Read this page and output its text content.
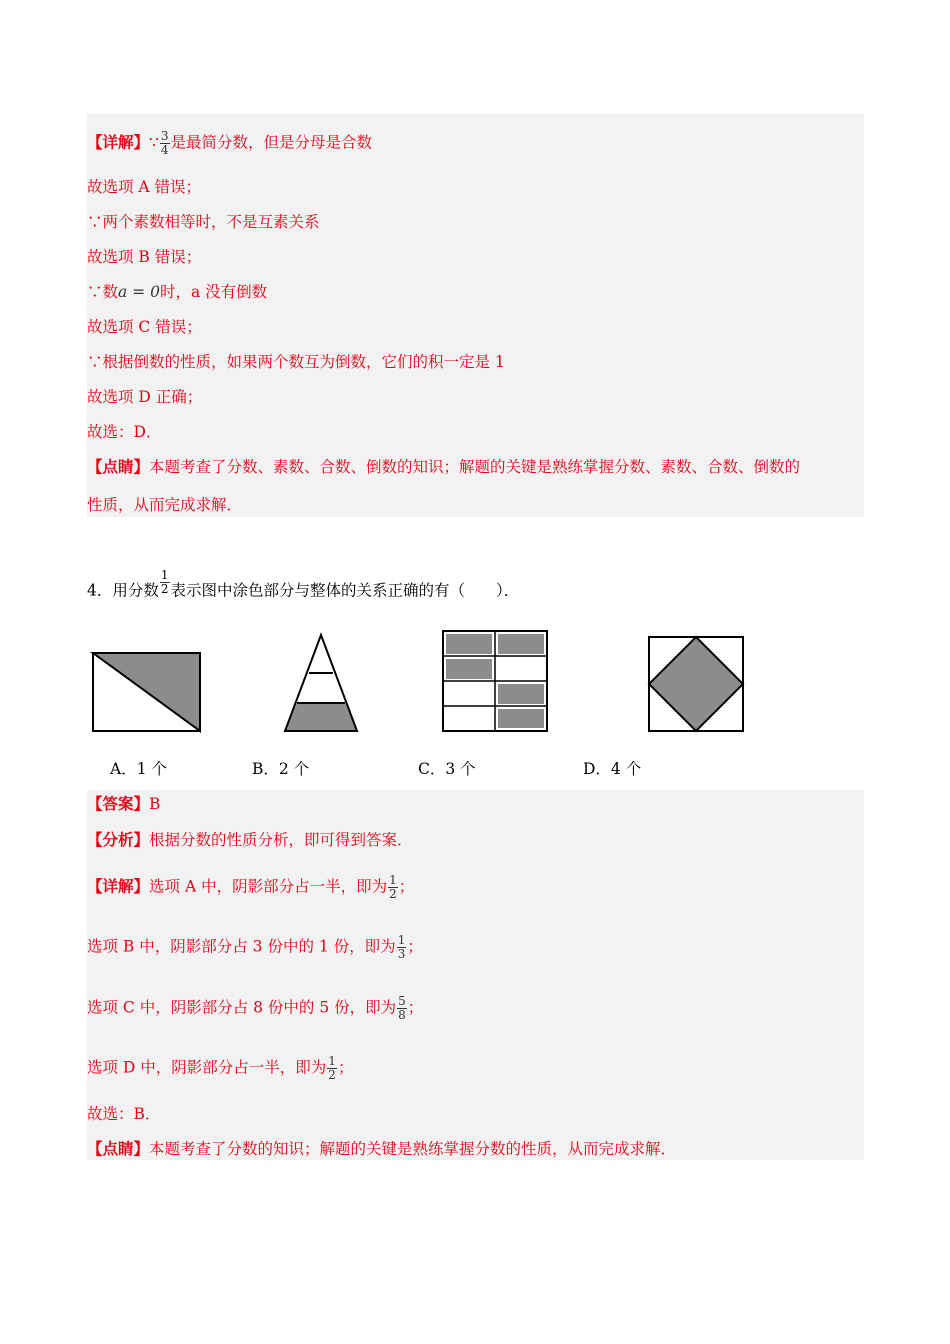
【详解】∵ $\frac{3}{4}$ 是最简分数，但是分母是合数
故选项 A 错误；
∵两个素数相等时，不是互素关系
故选项 B 错误；
∵数a = 0时，a 没有倒数
故选项 C 错误；
∵根据倒数的性质，如果两个数互为倒数，它们的积一定是 1
故选项 D 正确；
故选：D．
【点睛】本题考查了分数、素数、合数、倒数的知识；解题的关键是熟练掌握分数、素数、合数、倒数的
性质，从而完成求解．
4．用分数 $\frac{1}{2}$ 表示图中涂色部分与整体的关系正确的有（　　）．
A．1 个	B．2 个	C．3 个	D．4 个
【答案】B
【分析】根据分数的性质分析，即可得到答案．
【详解】选项 A 中，阴影部分占一半，即为 $\frac{1}{2}$ ；
选项 B 中，阴影部分占 3 份中的 1 份，即为 $\frac{1}{3}$ ；
选项 C 中，阴影部分占 8 份中的 5 份，即为 $\frac{5}{8}$ ；
选项 D 中，阴影部分占一半，即为 $\frac{1}{2}$ ；
故选：B．
【点睛】本题考查了分数的知识；解题的关键是熟练掌握分数的性质，从而完成求解．
